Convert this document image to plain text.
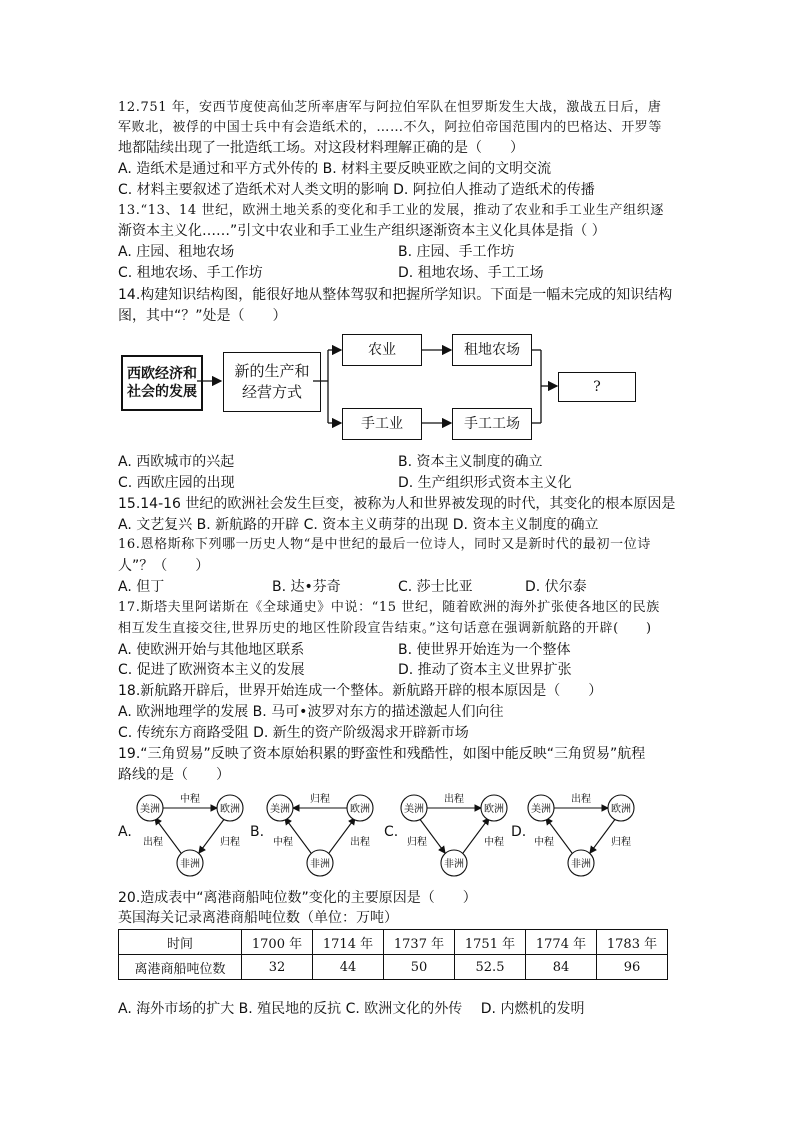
12.751 年，安西节度使高仙芝所率唐军与阿拉伯军队在怛罗斯发生大战，激战五日后，唐
军败北，被俘的中国士兵中有会造纸术的，……不久，阿拉伯帝国范围内的巴格达、开罗等
地都陆续出现了一批造纸工场。对这段材料理解正确的是（　　）
A. 造纸术是通过和平方式外传的 B. 材料主要反映亚欧之间的文明交流
C. 材料主要叙述了造纸术对人类文明的影响 D. 阿拉伯人推动了造纸术的传播
13.“13、14 世纪，欧洲土地关系的变化和手工业的发展，推动了农业和手工业生产组织逐
渐资本主义化……”引文中农业和手工业生产组织逐渐资本主义化具体是指（ ）
A. 庄园、租地农场	B. 庄园、手工作坊
C. 租地农场、手工作坊	D. 租地农场、手工工场
14.构建知识结构图，能很好地从整体驾驭和把握所学知识。下面是一幅未完成的知识结构
图，其中“？”处是（　　）
西欧经济和社会的发展
新的生产和经营方式
农业	租地农场
手工业	手工工场
?
A. 西欧城市的兴起	B. 资本主义制度的确立
C. 西欧庄园的出现	D. 生产组织形式资本主义化
15.14-16 世纪的欧洲社会发生巨变，被称为人和世界被发现的时代，其变化的根本原因是
A. 文艺复兴 B. 新航路的开辟 C. 资本主义萌芽的出现 D. 资本主义制度的确立
16.恩格斯称下列哪一历史人物“是中世纪的最后一位诗人，同时又是新时代的最初一位诗
人”？（　　）
A. 但丁	B. 达•芬奇	C. 莎士比亚	D. 伏尔泰
17.斯塔夫里阿诺斯在《全球通史》中说：“15 世纪，随着欧洲的海外扩张使各地区的民族
相互发生直接交往,世界历史的地区性阶段宣告结束。”这句话意在强调新航路的开辟(　　)
A. 使欧洲开始与其他地区联系	B. 使世界开始连为一个整体
C. 促进了欧洲资本主义的发展	D. 推动了资本主义世界扩张
18.新航路开辟后，世界开始连成一个整体。新航路开辟的根本原因是（　　）
A. 欧洲地理学的发展 B. 马可•波罗对东方的描述激起人们向往
C. 传统东方商路受阻 D. 新生的资产阶级渴求开辟新市场
19.“三角贸易”反映了资本原始积累的野蛮性和残酷性，如图中能反映“三角贸易”航程
路线的是（　　）
A.
美洲	欧洲
非洲
中程
出程	归程
B.
美洲	欧洲
非洲
归程
中程	出程
C.
美洲	欧洲
非洲
出程
归程	中程
D.
美洲	欧洲
非洲
出程
中程	归程
20.造成表中“离港商船吨位数”变化的主要原因是（　　）
英国海关记录离港商船吨位数（单位：万吨）
时间	1700 年	1714 年	1737 年	1751 年	1774 年	1783 年
离港商船吨位数	32	44	50	52.5	84	96
A. 海外市场的扩大 B. 殖民地的反抗 C. 欧洲文化的外传　 D. 内燃机的发明
